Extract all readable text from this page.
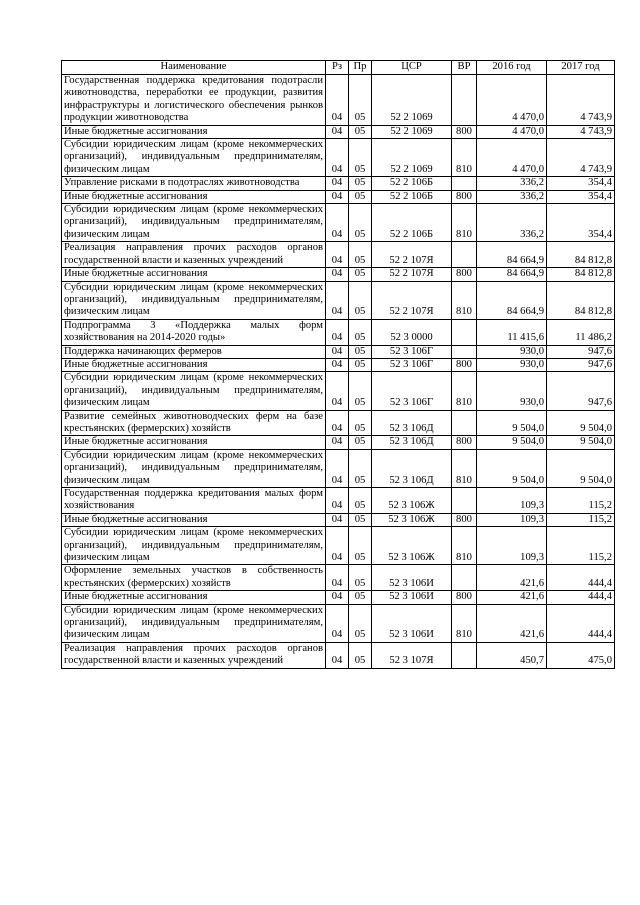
Наименование	Рз	Пр	ЦСР	ВР	2016 год	2017 год
Государственная поддержка кредитования подотрасли животноводства, переработки ее продукции, развития инфраструктуры и логистического обеспечения рынков продукции животноводства	04	05	52 2 1069		4 470,0	4 743,9
Иные бюджетные ассигнования	04	05	52 2 1069	800	4 470,0	4 743,9
Субсидии юридическим лицам (кроме некоммерческих организаций), индивидуальным предпринимателям, физическим лицам	04	05	52 2 1069	810	4 470,0	4 743,9
Управление рисками в подотраслях животноводства	04	05	52 2 106Б		336,2	354,4
Иные бюджетные ассигнования	04	05	52 2 106Б	800	336,2	354,4
Субсидии юридическим лицам (кроме некоммерческих организаций), индивидуальным предпринимателям, физическим лицам	04	05	52 2 106Б	810	336,2	354,4
Реализация направления прочих расходов органов государственной власти и казенных учреждений	04	05	52 2 107Я		84 664,9	84 812,8
Иные бюджетные ассигнования	04	05	52 2 107Я	800	84 664,9	84 812,8
Субсидии юридическим лицам (кроме некоммерческих организаций), индивидуальным предпринимателям, физическим лицам	04	05	52 2 107Я	810	84 664,9	84 812,8
Подпрограмма 3 «Поддержка малых форм хозяйствования на 2014-2020 годы»	04	05	52 3 0000		11 415,6	11 486,2
Поддержка начинающих фермеров	04	05	52 3 106Г		930,0	947,6
Иные бюджетные ассигнования	04	05	52 3 106Г	800	930,0	947,6
Субсидии юридическим лицам (кроме некоммерческих организаций), индивидуальным предпринимателям, физическим лицам	04	05	52 3 106Г	810	930,0	947,6
Развитие семейных животноводческих ферм на базе крестьянских (фермерских) хозяйств	04	05	52 3 106Д		9 504,0	9 504,0
Иные бюджетные ассигнования	04	05	52 3 106Д	800	9 504,0	9 504,0
Субсидии юридическим лицам (кроме некоммерческих организаций), индивидуальным предпринимателям, физическим лицам	04	05	52 3 106Д	810	9 504,0	9 504,0
Государственная поддержка кредитования малых форм хозяйствования	04	05	52 3 106Ж		109,3	115,2
Иные бюджетные ассигнования	04	05	52 3 106Ж	800	109,3	115,2
Субсидии юридическим лицам (кроме некоммерческих организаций), индивидуальным предпринимателям, физическим лицам	04	05	52 3 106Ж	810	109,3	115,2
Оформление земельных участков в собственность крестьянских (фермерских) хозяйств	04	05	52 3 106И		421,6	444,4
Иные бюджетные ассигнования	04	05	52 3 106И	800	421,6	444,4
Субсидии юридическим лицам (кроме некоммерческих организаций), индивидуальным предпринимателям, физическим лицам	04	05	52 3 106И	810	421,6	444,4
Реализация направления прочих расходов органов государственной власти и казенных учреждений	04	05	52 3 107Я		450,7	475,0
